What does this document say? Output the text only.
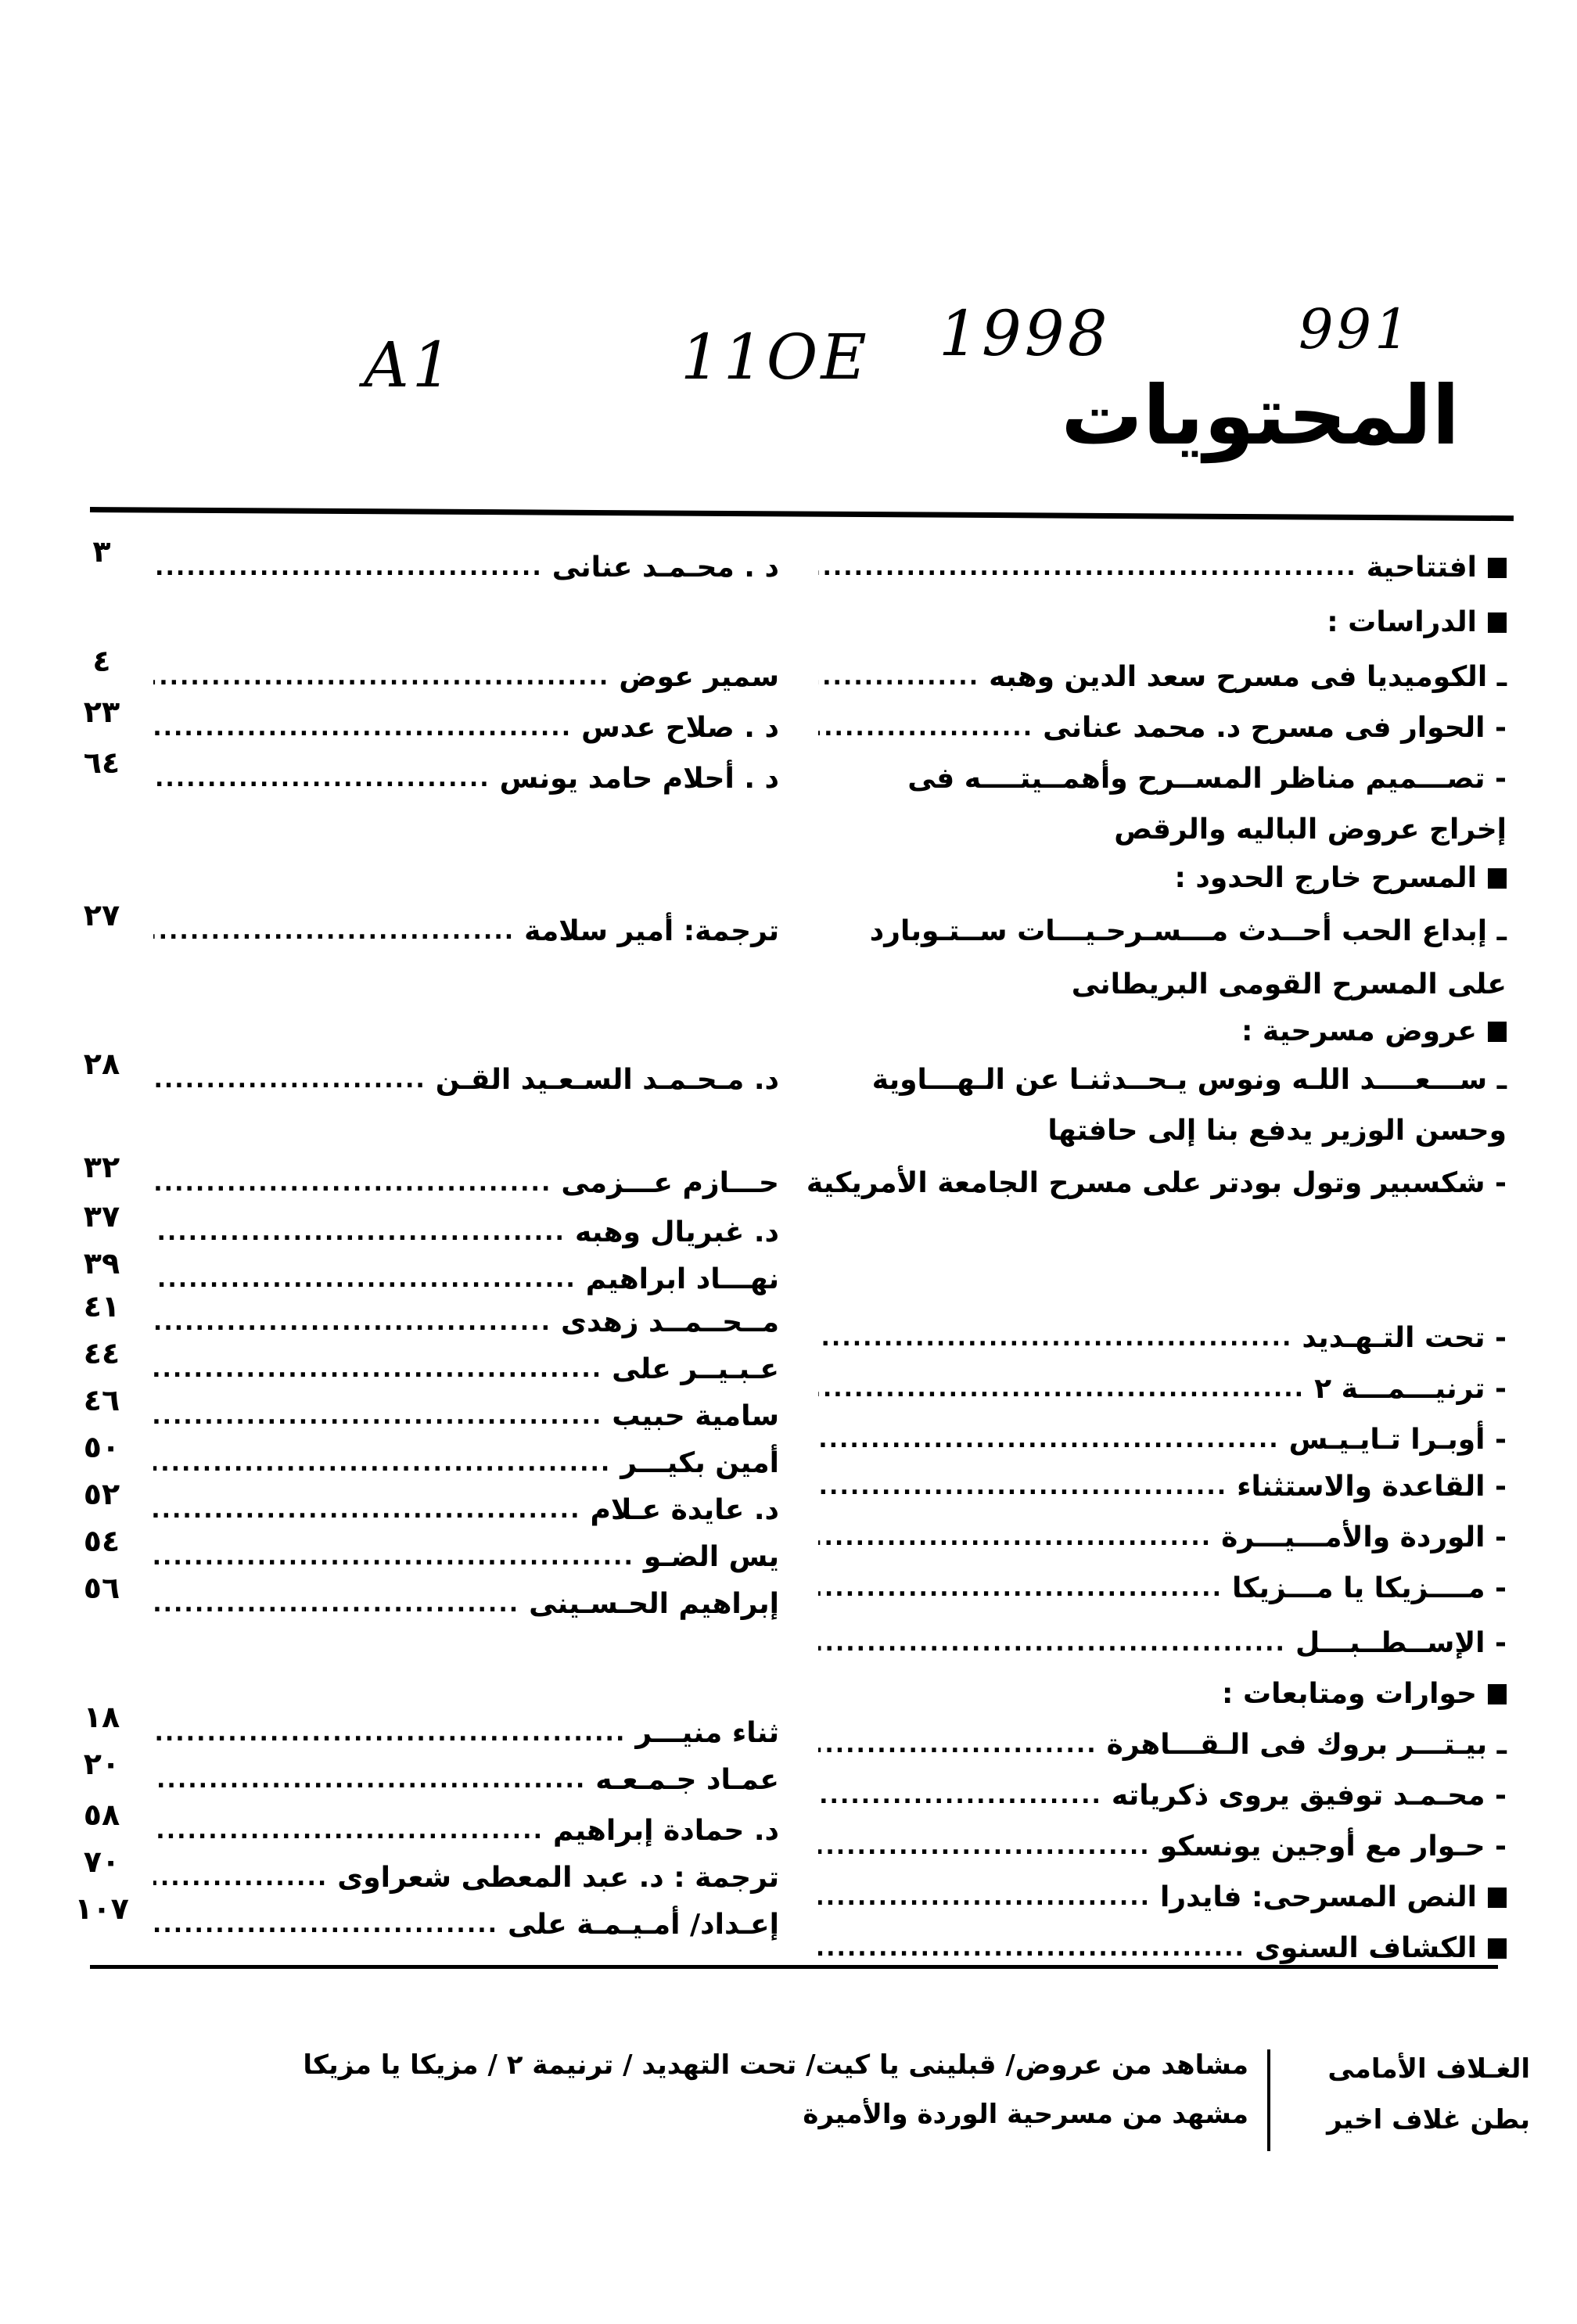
991
1998
11OE
A1
المحتويات
افتتاحية
.....
الدراسات :
ـ الكوميديا فى مسرح سعد الدين وهبه
.....
- الحوار فى مسرح د. محمد عنانى
.....
- تصـــميم مناظر المســرح وأهمــيتــــه فى
إخراج عروض الباليه والرقص
المسرح خارج الحدود :
ـ إبداع الحب أحــدث مـــسـرحـيـــات ســتـوبارد
على المسرح القومى البريطانى
عروض مسرحية :
ـ ســـعــــد اللـه ونوس يـحــدثنـا عن الـهـــاوية
وحسن الوزير يدفع بنا إلى حافتها
- شكسبير وتول بودتر على مسرح الجامعة الأمريكية
- تحت التـهـديد
.....
- ترنيـــمـــة ٢
.....
- أوبـرا تـايـيـس
.....
- القاعدة والاستثناء
.....
- الوردة والأمـــيـــرة
.....
- مــــزيكا يا مـــزيكا
.....
- الإســطــبـــل
.....
حوارات ومتابعات :
ـ بيـتـــر بروك فى الـقـــاهرة
.....
- محـمـد توفيق يروى ذكرياته
.....
- حـوار مع أوجين يونسكو
.....
النص المسرحى: فايدرا
.....
الكشاف السنوى
.....
د . محـمـد عنانى
.....
٣
سمير عوض
.....
٤
د . صلاح عدس
.....
٢٣
د . أحلام حامد يونس
.....
٦٤
ترجمة: أمير سلامة
.....
٢٧
د. مـحـمـد السـعـيد القـن
.....
٢٨
حـــازم عـــزمى
.....
٣٢
د. غبريال وهبه
.....
٣٧
نهـــاد ابراهيم
.....
٣٩
مــحــمــد زهدى
.....
٤١
عـبـيــر على
.....
٤٤
سامية حبيب
.....
٤٦
أمين بكيـــر
.....
٥٠
د. عايدة عـلام
.....
٥٢
يس الضـو
.....
٥٤
إبراهيم الحـسـينى
.....
٥٦
ثناء منيـــر
.....
١٨
عمـاد جـمـعـه
.....
٢٠
د. حمادة إبراهيم
.....
٥٨
ترجمة : د. عبد المعطى شعراوى
.....
٧٠
إعـداد/ أمـيـمـة على
.....
١٠٧
الغـلاف الأمامى
بطن غلاف اخير
مشاهد من عروض/ قبلينى يا كيت/ تحت التهديد / ترنيمة ٢ / مزيكا يا مزيكا
مشهد من مسرحية الوردة والأميرة
